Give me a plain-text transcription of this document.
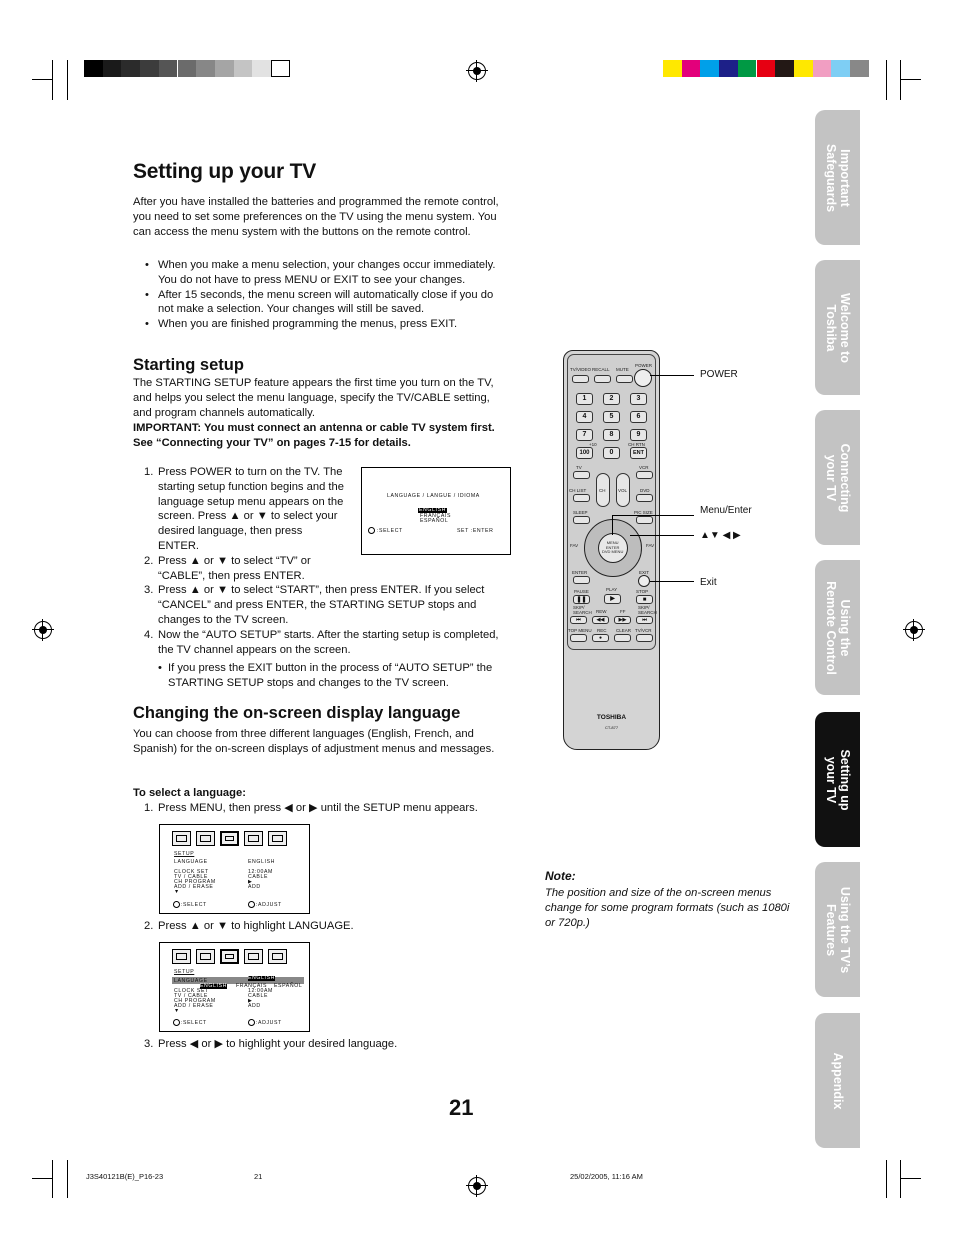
Setting up your TV
After you have installed the batteries and programmed the remote control, you need to set some preferences on the TV using the menu system. You can access the menu system with the buttons on the remote control.
• When you make a menu selection, your changes occur immediately. You do not have to press MENU or EXIT to see your changes.
• After 15 seconds, the menu screen will automatically close if you do not make a selection. Your changes will still be saved.
• When you are finished programming the menus, press EXIT.
Starting setup
The STARTING SETUP feature appears the first time you turn on the TV, and helps you select the menu language, specify the TV/CABLE setting, and program channels automatically.
IMPORTANT: You must connect an antenna or cable TV system first. See “Connecting your TV” on pages 7-15 for details.
1. Press POWER to turn on the TV. The starting setup function begins and the language setup menu appears on the screen. Press ▲ or ▼ to select your desired language, then press ENTER.
2. Press ▲ or ▼ to select “TV” or “CABLE”, then press ENTER.
3. Press ▲ or ▼ to select “START”, then press ENTER. If you select “CANCEL” and press ENTER, the STARTING SETUP stops and changes to the TV screen.
4. Now the “AUTO SETUP” starts. After the starting setup is completed, the TV channel appears on the screen.
• If you press the EXIT button in the process of “AUTO SETUP” the STARTING SETUP stops and changes to the TV screen.
LANGUAGE / LANGUE / IDIOMA
ENGLISH
FRANÇAIS
ESPAÑOL
:SELECT	SET :ENTER
Changing the on-screen display language
You can choose from three different languages (English, French, and Spanish) for the on-screen displays of adjustment menus and messages.
To select a language:
1. Press MENU, then press ◀ or ▶ until the SETUP menu appears.
SETUP
LANGUAGE	ENGLISH
CLOCK SET	12:00AM
TV / CABLE	CABLE
CH PROGRAM	▶
ADD / ERASE	ADD
▼
:SELECT	:ADJUST
2. Press ▲ or ▼ to highlight LANGUAGE.
SETUP
LANGUAGE
ENGLISH FRANÇAIS ESPAÑOL
ENGLISH
CLOCK SET	12:00AM
TV / CABLE	CABLE
CH PROGRAM	▶
ADD / ERASE	ADD
▼
:SELECT	:ADJUST
3. Press ◀ or ▶ to highlight your desired language.
TV/VIDEO RECALL MUTE
POWER
1	2	3
4	5	6
7	8	9
+10	CH RTN
100	0	ENT
TV	VCR
CH	VOL
CH LIST	DVD
SLEEP	PIC SIZE
MENU
ENTER
DVD MENU
FAV	FAV
ENTER	EXIT
PAUSE	PLAY	STOP
❚❚	▶	■
SKIP/
SEARCH REW	FF
SKIP/
SEARCH
⏮	◀◀	▶▶	⏭
TOP MENU REC CLEAR TV/VCR
●
TOSHIBA
CT-877
POWER
Menu/Enter
▲▼ ◀ ▶
Exit
Note:
The position and size of the on-screen menus change for some program formats (such as 1080i or 720p.)
Important
Safeguards
Welcome to
Toshiba
Connecting
your TV
Using the
Remote Control
Setting up
your TV
Using the TV’s
Features
Appendix
21
J3S40121B(E)_P16-23	21	25/02/2005, 11:16 AM
